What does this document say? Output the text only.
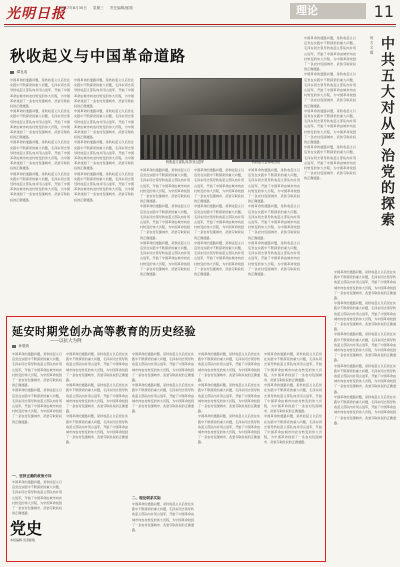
光明日报
2017年8月30日 星期三 责任编辑/邮箱	理论	11
秋收起义与中国革命道路
谭良成
中国革命的道路问题，是秋收起义以后党在实践中不断探索的重大问题，毛泽东同志领导秋收起义部队向井冈山进军，开始了中国革命由城市向农村转变的伟大历程，为中国革命找到了一条农村包围城市、武装夺取政权的正确道路。
中国革命的道路问题，是秋收起义以后党在实践中不断探索的重大问题，毛泽东同志领导秋收起义部队向井冈山进军，开始了中国革命由城市向农村转变的伟大历程，为中国革命找到了一条农村包围城市、武装夺取政权的正确道路。
中国革命的道路问题，是秋收起义以后党在实践中不断探索的重大问题，毛泽东同志领导秋收起义部队向井冈山进军，开始了中国革命由城市向农村转变的伟大历程，为中国革命找到了一条农村包围城市、武装夺取政权的正确道路。
中国革命的道路问题，是秋收起义以后党在实践中不断探索的重大问题，毛泽东同志领导秋收起义部队向井冈山进军，开始了中国革命由城市向农村转变的伟大历程，为中国革命找到了一条农村包围城市、武装夺取政权的正确道路。
中国革命的道路问题，是秋收起义以后党在实践中不断探索的重大问题，毛泽东同志领导秋收起义部队向井冈山进军，开始了中国革命由城市向农村转变的伟大历程，为中国革命找到了一条农村包围城市、武装夺取政权的正确道路。
中国革命的道路问题，是秋收起义以后党在实践中不断探索的重大问题，毛泽东同志领导秋收起义部队向井冈山进军，开始了中国革命由城市向农村转变的伟大历程，为中国革命找到了一条农村包围城市、武装夺取政权的正确道路。
中国革命的道路问题，是秋收起义以后党在实践中不断探索的重大问题，毛泽东同志领导秋收起义部队向井冈山进军，开始了中国革命由城市向农村转变的伟大历程，为中国革命找到了一条农村包围城市、武装夺取政权的正确道路。
中国革命的道路问题，是秋收起义以后党在实践中不断探索的重大问题，毛泽东同志领导秋收起义部队向井冈山进军，开始了中国革命由城市向农村转变的伟大历程，为中国革命找到了一条农村包围城市、武装夺取政权的正确道路。
秋收起义部队向井冈山进军	秋收起义会师地旧址
中国革命的道路问题，是秋收起义以后党在实践中不断探索的重大问题，毛泽东同志领导秋收起义部队向井冈山进军，开始了中国革命由城市向农村转变的伟大历程，为中国革命找到了一条农村包围城市、武装夺取政权的正确道路。
中国革命的道路问题，是秋收起义以后党在实践中不断探索的重大问题，毛泽东同志领导秋收起义部队向井冈山进军，开始了中国革命由城市向农村转变的伟大历程，为中国革命找到了一条农村包围城市、武装夺取政权的正确道路。
中国革命的道路问题，是秋收起义以后党在实践中不断探索的重大问题，毛泽东同志领导秋收起义部队向井冈山进军，开始了中国革命由城市向农村转变的伟大历程，为中国革命找到了一条农村包围城市、武装夺取政权的正确道路。
中国革命的道路问题，是秋收起义以后党在实践中不断探索的重大问题，毛泽东同志领导秋收起义部队向井冈山进军，开始了中国革命由城市向农村转变的伟大历程，为中国革命找到了一条农村包围城市、武装夺取政权的正确道路。
中国革命的道路问题，是秋收起义以后党在实践中不断探索的重大问题，毛泽东同志领导秋收起义部队向井冈山进军，开始了中国革命由城市向农村转变的伟大历程，为中国革命找到了一条农村包围城市、武装夺取政权的正确道路。
中国革命的道路问题，是秋收起义以后党在实践中不断探索的重大问题，毛泽东同志领导秋收起义部队向井冈山进军，开始了中国革命由城市向农村转变的伟大历程，为中国革命找到了一条农村包围城市、武装夺取政权的正确道路。
中国革命的道路问题，是秋收起义以后党在实践中不断探索的重大问题，毛泽东同志领导秋收起义部队向井冈山进军，开始了中国革命由城市向农村转变的伟大历程，为中国革命找到了一条农村包围城市、武装夺取政权的正确道路。
中国革命的道路问题，是秋收起义以后党在实践中不断探索的重大问题，毛泽东同志领导秋收起义部队向井冈山进军，开始了中国革命由城市向农村转变的伟大历程，为中国革命找到了一条农村包围城市、武装夺取政权的正确道路。
中国革命的道路问题，是秋收起义以后党在实践中不断探索的重大问题，毛泽东同志领导秋收起义部队向井冈山进军，开始了中国革命由城市向农村转变的伟大历程，为中国革命找到了一条农村包围城市、武装夺取政权的正确道路。
中国革命的道路问题，是秋收起义以后党在实践中不断探索的重大问题，毛泽东同志领导秋收起义部队向井冈山进军，开始了中国革命由城市向农村转变的伟大历程，为中国革命找到了一条农村包围城市、武装夺取政权的正确道路。
中国革命的道路问题，是秋收起义以后党在实践中不断探索的重大问题，毛泽东同志领导秋收起义部队向井冈山进军，开始了中国革命由城市向农村转变的伟大历程，为中国革命找到了一条农村包围城市、武装夺取政权的正确道路。
中国革命的道路问题，是秋收起义以后党在实践中不断探索的重大问题，毛泽东同志领导秋收起义部队向井冈山进军，开始了中国革命由城市向农村转变的伟大历程，为中国革命找到了一条农村包围城市、武装夺取政权的正确道路。
中国革命的道路问题，是秋收起义以后党在实践中不断探索的重大问题，毛泽东同志领导秋收起义部队向井冈山进军，开始了中国革命由城市向农村转变的伟大历程，为中国革命找到了一条农村包围城市、武装夺取政权的正确道路。
何 方 文 霞 中共五大对从严治党的探索
中国革命的道路问题，是秋收起义以后党在实践中不断探索的重大问题，毛泽东同志领导秋收起义部队向井冈山进军，开始了中国革命由城市向农村转变的伟大历程，为中国革命找到了一条农村包围城市、武装夺取政权的正确道路。
中国革命的道路问题，是秋收起义以后党在实践中不断探索的重大问题，毛泽东同志领导秋收起义部队向井冈山进军，开始了中国革命由城市向农村转变的伟大历程，为中国革命找到了一条农村包围城市、武装夺取政权的正确道路。
中国革命的道路问题，是秋收起义以后党在实践中不断探索的重大问题，毛泽东同志领导秋收起义部队向井冈山进军，开始了中国革命由城市向农村转变的伟大历程，为中国革命找到了一条农村包围城市、武装夺取政权的正确道路。
中国革命的道路问题，是秋收起义以后党在实践中不断探索的重大问题，毛泽东同志领导秋收起义部队向井冈山进军，开始了中国革命由城市向农村转变的伟大历程，为中国革命找到了一条农村包围城市、武装夺取政权的正确道路。
中国革命的道路问题，是秋收起义以后党在实践中不断探索的重大问题，毛泽东同志领导秋收起义部队向井冈山进军，开始了中国革命由城市向农村转变的伟大历程，为中国革命找到了一条农村包围城市、武装夺取政权的正确道路。
延安时期党创办高等教育的历史经验
——以抗大为例
孙敬贵
中国革命的道路问题，是秋收起义以后党在实践中不断探索的重大问题，毛泽东同志领导秋收起义部队向井冈山进军，开始了中国革命由城市向农村转变的伟大历程，为中国革命找到了一条农村包围城市、武装夺取政权的正确道路。
中国革命的道路问题，是秋收起义以后党在实践中不断探索的重大问题，毛泽东同志领导秋收起义部队向井冈山进军，开始了中国革命由城市向农村转变的伟大历程，为中国革命找到了一条农村包围城市、武装夺取政权的正确道路。
一、坚持正确的政治方向
中国革命的道路问题，是秋收起义以后党在实践中不断探索的重大问题，毛泽东同志领导秋收起义部队向井冈山进军，开始了中国革命由城市向农村转变的伟大历程，为中国革命找到了一条农村包围城市、武装夺取政权的正确道路。
党史
本版编辑 读者邮箱
中国革命的道路问题，是秋收起义以后党在实践中不断探索的重大问题，毛泽东同志领导秋收起义部队向井冈山进军，开始了中国革命由城市向农村转变的伟大历程，为中国革命找到了一条农村包围城市、武装夺取政权的正确道路。
中国革命的道路问题，是秋收起义以后党在实践中不断探索的重大问题，毛泽东同志领导秋收起义部队向井冈山进军，开始了中国革命由城市向农村转变的伟大历程，为中国革命找到了一条农村包围城市、武装夺取政权的正确道路。
中国革命的道路问题，是秋收起义以后党在实践中不断探索的重大问题，毛泽东同志领导秋收起义部队向井冈山进军，开始了中国革命由城市向农村转变的伟大历程，为中国革命找到了一条农村包围城市、武装夺取政权的正确道路。
中国革命的道路问题，是秋收起义以后党在实践中不断探索的重大问题，毛泽东同志领导秋收起义部队向井冈山进军，开始了中国革命由城市向农村转变的伟大历程，为中国革命找到了一条农村包围城市、武装夺取政权的正确道路。
中国革命的道路问题，是秋收起义以后党在实践中不断探索的重大问题，毛泽东同志领导秋收起义部队向井冈山进军，开始了中国革命由城市向农村转变的伟大历程，为中国革命找到了一条农村包围城市、武装夺取政权的正确道路。
二、理论联系实际
中国革命的道路问题，是秋收起义以后党在实践中不断探索的重大问题，毛泽东同志领导秋收起义部队向井冈山进军，开始了中国革命由城市向农村转变的伟大历程，为中国革命找到了一条农村包围城市、武装夺取政权的正确道路。
中国革命的道路问题，是秋收起义以后党在实践中不断探索的重大问题，毛泽东同志领导秋收起义部队向井冈山进军，开始了中国革命由城市向农村转变的伟大历程，为中国革命找到了一条农村包围城市、武装夺取政权的正确道路。
中国革命的道路问题，是秋收起义以后党在实践中不断探索的重大问题，毛泽东同志领导秋收起义部队向井冈山进军，开始了中国革命由城市向农村转变的伟大历程，为中国革命找到了一条农村包围城市、武装夺取政权的正确道路。
中国革命的道路问题，是秋收起义以后党在实践中不断探索的重大问题，毛泽东同志领导秋收起义部队向井冈山进军，开始了中国革命由城市向农村转变的伟大历程，为中国革命找到了一条农村包围城市、武装夺取政权的正确道路。
中国革命的道路问题，是秋收起义以后党在实践中不断探索的重大问题，毛泽东同志领导秋收起义部队向井冈山进军，开始了中国革命由城市向农村转变的伟大历程，为中国革命找到了一条农村包围城市、武装夺取政权的正确道路。
中国革命的道路问题，是秋收起义以后党在实践中不断探索的重大问题，毛泽东同志领导秋收起义部队向井冈山进军，开始了中国革命由城市向农村转变的伟大历程，为中国革命找到了一条农村包围城市、武装夺取政权的正确道路。
中国革命的道路问题，是秋收起义以后党在实践中不断探索的重大问题，毛泽东同志领导秋收起义部队向井冈山进军，开始了中国革命由城市向农村转变的伟大历程，为中国革命找到了一条农村包围城市、武装夺取政权的正确道路。
